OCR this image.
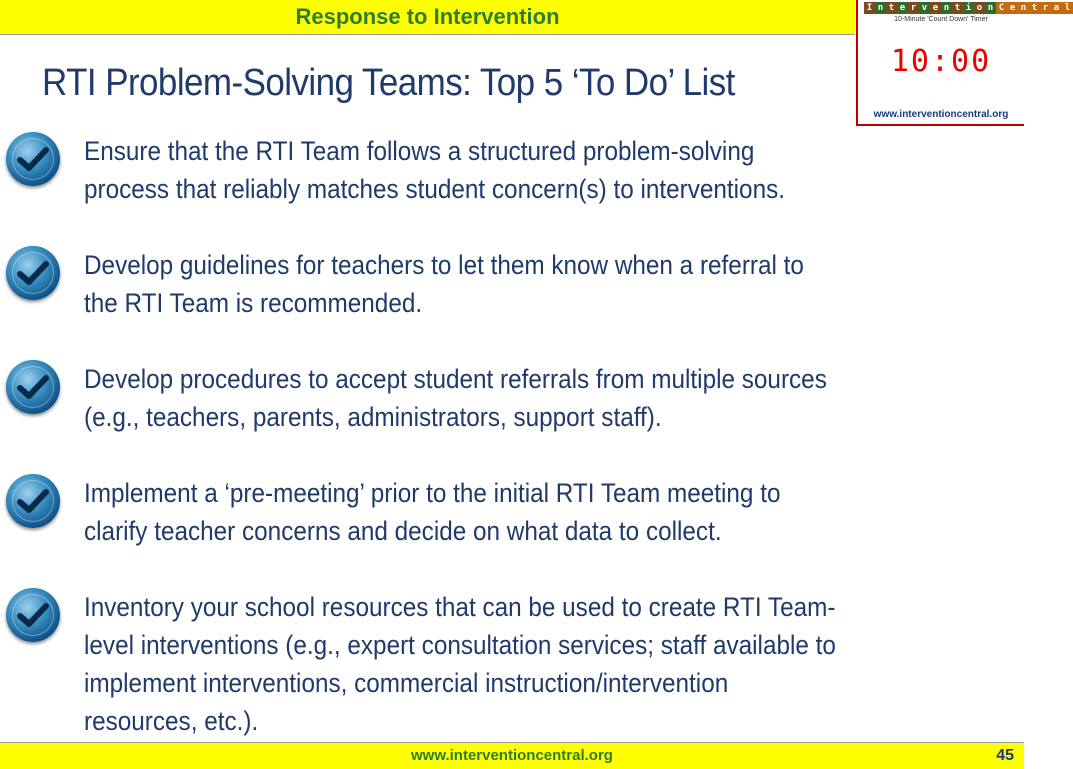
Response to Intervention
RTI Problem-Solving Teams: Top 5 ‘To Do’ List
I n t e r v e n t i o n C e n t r a l
10-Minute 'Count Down' Timer
10:00
www.interventioncentral.org
Ensure that the RTI Team follows a structured problem-solving process that reliably matches student concern(s) to interventions.
Develop guidelines for teachers to let them know when a referral to the RTI Team is recommended.
Develop procedures to accept student referrals from multiple sources (e.g., teachers, parents, administrators, support staff).
Implement a ‘pre-meeting’ prior to the initial RTI Team meeting to clarify teacher concerns and decide on what data to collect.
Inventory your school resources that can be used to create RTI Team-level interventions (e.g., expert consultation services; staff available to implement interventions, commercial instruction/intervention resources, etc.).
www.interventioncentral.org	45
